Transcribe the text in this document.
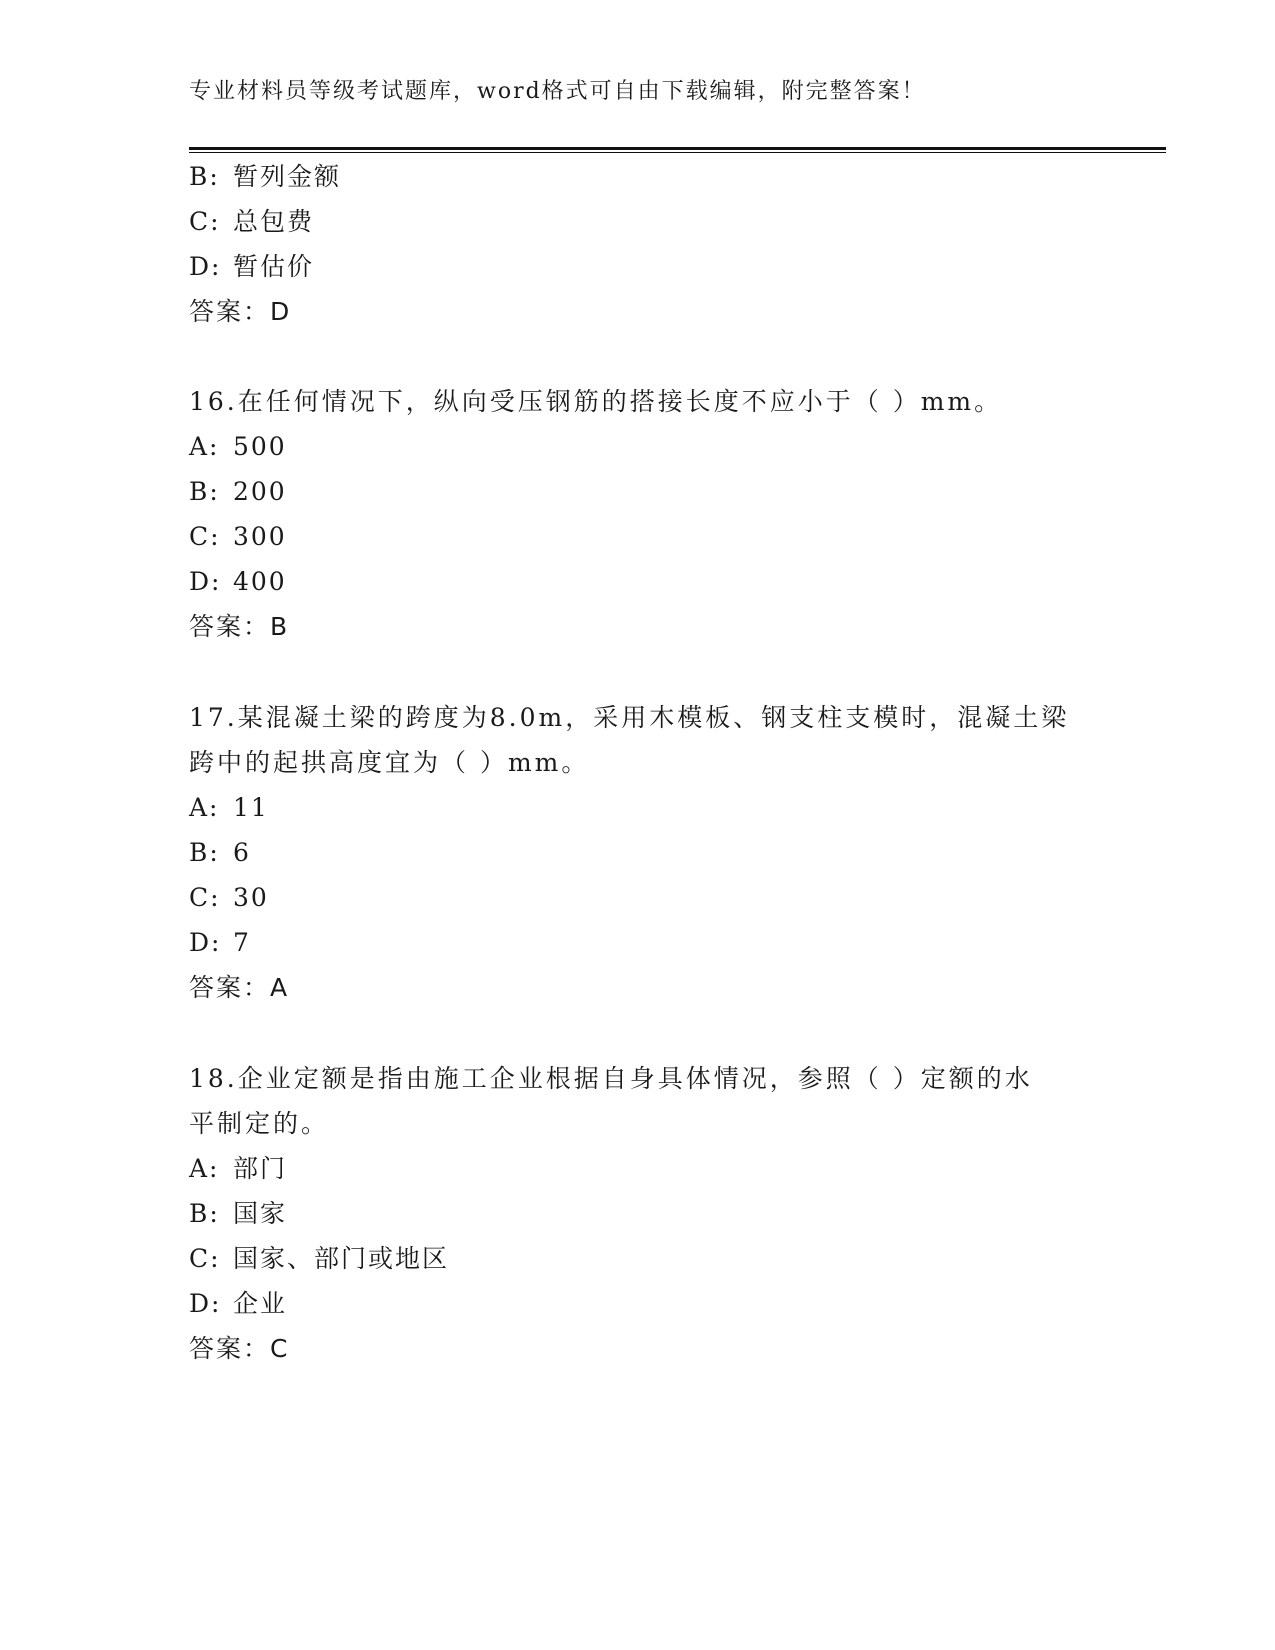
专业材料员等级考试题库，word格式可自由下载编辑，附完整答案！
B: 暂列金额
C: 总包费
D: 暂估价
答案：D
16.在任何情况下，纵向受压钢筋的搭接长度不应小于（ ）mm。
A: 500
B: 200
C: 300
D: 400
答案：B
17.某混凝土梁的跨度为8.0m，采用木模板、钢支柱支模时，混凝土梁
跨中的起拱高度宜为（ ）mm。
A: 11
B: 6
C: 30
D: 7
答案：A
18.企业定额是指由施工企业根据自身具体情况，参照（ ）定额的水
平制定的。
A: 部门
B: 国家
C: 国家、部门或地区
D: 企业
答案：C
